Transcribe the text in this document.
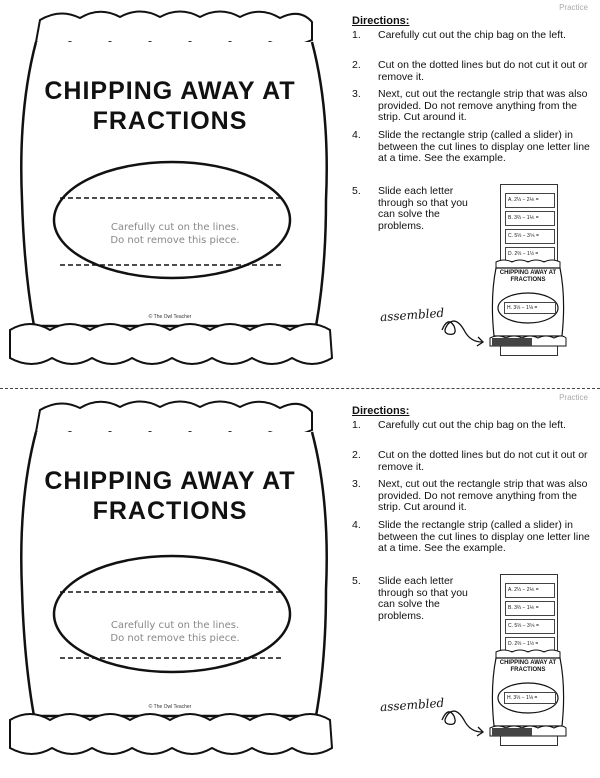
CHIPPING AWAY AT
FRACTIONS
Carefully cut on the lines.
Do not remove this piece.
© The Owl Teacher
Practice
Directions:
1.	Carefully cut out the chip bag on the left.
2.	Cut on the dotted lines but do not cut it out or remove it.
3.	Next, cut out the rectangle strip that was also provided. Do not remove anything from the strip. Cut around it.
4.	Slide the rectangle strip (called a slider) in between the cut lines to display one letter line at a time. See the example.
5.	Slide each letter through so that you can solve the problems.
A. 2⅓ − 2⅙ =
B. 3⅔ − 1⅙ =
C. 5⅓ − 3⅚ =
D. 2⅔ − 1½ =
CHIPPING AWAY AT
FRACTIONS
H. 3⅓ − 1⅛ =
assembled
CHIPPING AWAY AT
FRACTIONS
Carefully cut on the lines.
Do not remove this piece.
© The Owl Teacher
Practice
Directions:
1.	Carefully cut out the chip bag on the left.
2.	Cut on the dotted lines but do not cut it out or remove it.
3.	Next, cut out the rectangle strip that was also provided. Do not remove anything from the strip. Cut around it.
4.	Slide the rectangle strip (called a slider) in between the cut lines to display one letter line at a time. See the example.
5.	Slide each letter through so that you can solve the problems.
A. 2⅓ − 2⅙ =
B. 3⅔ − 1⅙ =
C. 5⅓ − 3⅚ =
D. 2⅔ − 1½ =
CHIPPING AWAY AT
FRACTIONS
H. 3⅓ − 1⅛ =
assembled
